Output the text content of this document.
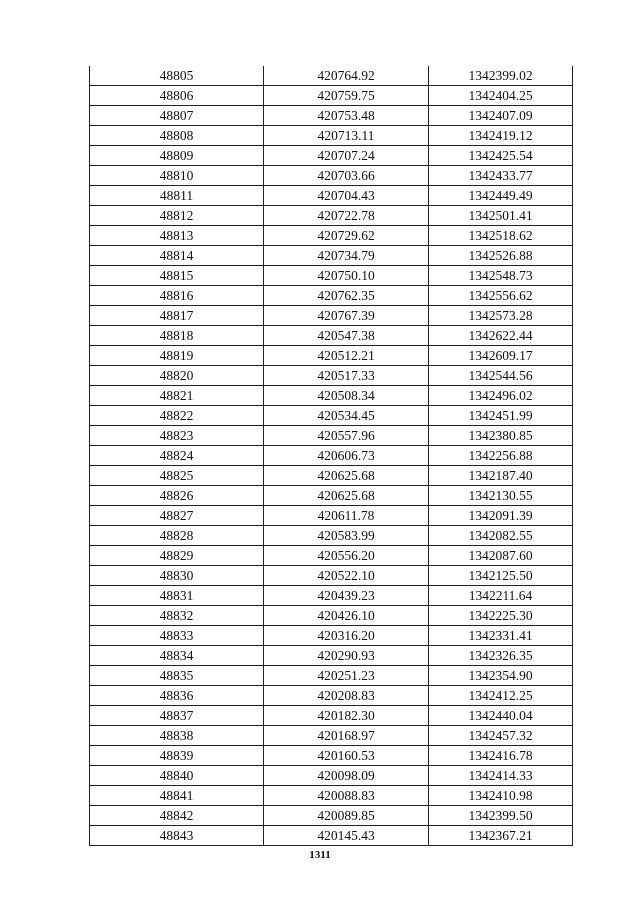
48805	420764.92	1342399.02
48806	420759.75	1342404.25
48807	420753.48	1342407.09
48808	420713.11	1342419.12
48809	420707.24	1342425.54
48810	420703.66	1342433.77
48811	420704.43	1342449.49
48812	420722.78	1342501.41
48813	420729.62	1342518.62
48814	420734.79	1342526.88
48815	420750.10	1342548.73
48816	420762.35	1342556.62
48817	420767.39	1342573.28
48818	420547.38	1342622.44
48819	420512.21	1342609.17
48820	420517.33	1342544.56
48821	420508.34	1342496.02
48822	420534.45	1342451.99
48823	420557.96	1342380.85
48824	420606.73	1342256.88
48825	420625.68	1342187.40
48826	420625.68	1342130.55
48827	420611.78	1342091.39
48828	420583.99	1342082.55
48829	420556.20	1342087.60
48830	420522.10	1342125.50
48831	420439.23	1342211.64
48832	420426.10	1342225.30
48833	420316.20	1342331.41
48834	420290.93	1342326.35
48835	420251.23	1342354.90
48836	420208.83	1342412.25
48837	420182.30	1342440.04
48838	420168.97	1342457.32
48839	420160.53	1342416.78
48840	420098.09	1342414.33
48841	420088.83	1342410.98
48842	420089.85	1342399.50
48843	420145.43	1342367.21
1311
